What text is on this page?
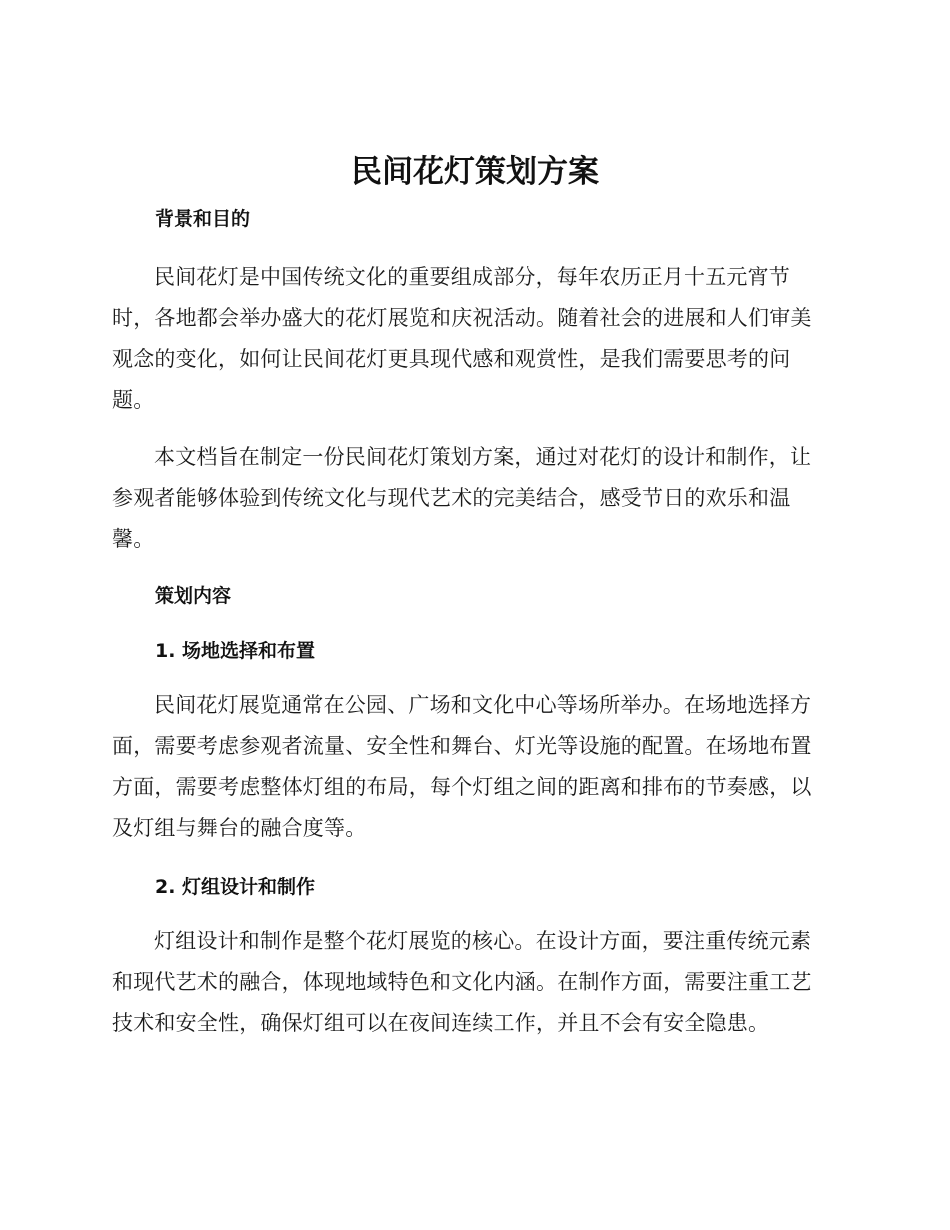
民间花灯策划方案
背景和目的

民间花灯是中国传统文化的重要组成部分，每年农历正月十五元宵节时，各地都会举办盛大的花灯展览和庆祝活动。随着社会的进展和人们审美观念的变化，如何让民间花灯更具现代感和观赏性，是我们需要思考的问题。

本文档旨在制定一份民间花灯策划方案，通过对花灯的设计和制作，让参观者能够体验到传统文化与现代艺术的完美结合，感受节日的欢乐和温馨。

策划内容
1. 场地选择和布置

民间花灯展览通常在公园、广场和文化中心等场所举办。在场地选择方面，需要考虑参观者流量、安全性和舞台、灯光等设施的配置。在场地布置方面，需要考虑整体灯组的布局，每个灯组之间的距离和排布的节奏感，以及灯组与舞台的融合度等。

2. 灯组设计和制作

灯组设计和制作是整个花灯展览的核心。在设计方面，要注重传统元素和现代艺术的融合，体现地域特色和文化内涵。在制作方面，需要注重工艺技术和安全性，确保灯组可以在夜间连续工作，并且不会有安全隐患。
